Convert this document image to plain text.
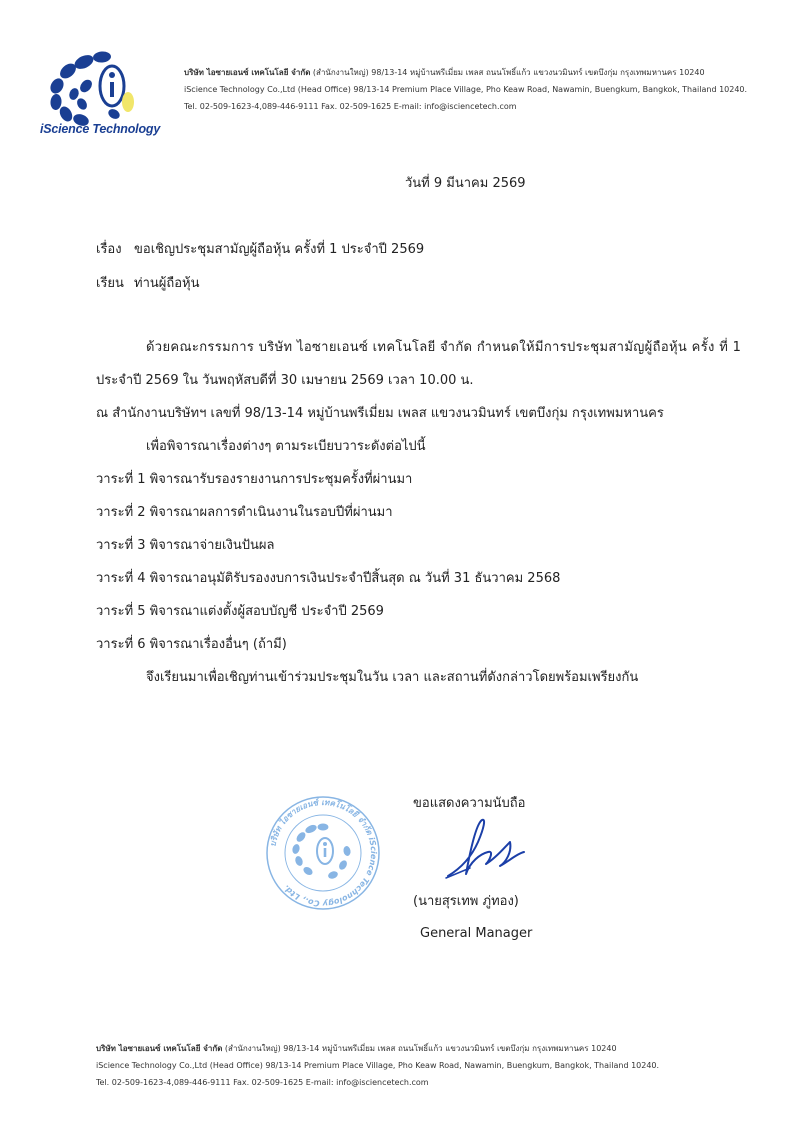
iScience Technology
บริษัท ไอซายเอนซ์ เทคโนโลยี จำกัด (สำนักงานใหญ่) 98/13-14 หมู่บ้านพรีเมี่ยม เพลส ถนนโพธิ์แก้ว แขวงนวมินทร์ เขตบึงกุ่ม กรุงเทพมหานคร 10240
iScience Technology Co.,Ltd (Head Office) 98/13-14 Premium Place Village, Pho Keaw Road, Nawamin, Buengkum, Bangkok, Thailand 10240.
Tel. 02-509-1623-4,089-446-9111 Fax. 02-509-1625 E-mail: info@isciencetech.com
วันที่ 9 มีนาคม 2569
เรื่อง ขอเชิญประชุมสามัญผู้ถือหุ้น ครั้งที่ 1 ประจำปี 2569
เรียน ท่านผู้ถือหุ้น
ด้วยคณะกรรมการ บริษัท ไอซายเอนซ์ เทคโนโลยี จำกัด กำหนดให้มีการประชุมสามัญผู้ถือหุ้น ครั้ง ที่ 1
ประจำปี 2569 ใน วันพฤหัสบดีที่ 30 เมษายน 2569 เวลา 10.00 น.
ณ สำนักงานบริษัทฯ เลขที่ 98/13-14 หมู่บ้านพรีเมี่ยม เพลส แขวงนวมินทร์ เขตบึงกุ่ม กรุงเทพมหานคร
เพื่อพิจารณาเรื่องต่างๆ ตามระเบียบวาระดังต่อไปนี้
วาระที่ 1 พิจารณารับรองรายงานการประชุมครั้งที่ผ่านมา
วาระที่ 2 พิจารณาผลการดำเนินงานในรอบปีที่ผ่านมา
วาระที่ 3 พิจารณาจ่ายเงินปันผล
วาระที่ 4 พิจารณาอนุมัติรับรองงบการเงินประจำปีสิ้นสุด ณ วันที่ 31 ธันวาคม 2568
วาระที่ 5 พิจารณาแต่งตั้งผู้สอบบัญชี ประจำปี 2569
วาระที่ 6 พิจารณาเรื่องอื่นๆ (ถ้ามี)
จึงเรียนมาเพื่อเชิญท่านเข้าร่วมประชุมในวัน เวลา และสถานที่ดังกล่าวโดยพร้อมเพรียงกัน
บริษัท ไอซายเอนซ์ เทคโนโลยี จำกัด iScience Technology Co., Ltd.
ขอแสดงความนับถือ
(นายสุรเทพ ภู่ทอง)
General Manager
บริษัท ไอซายเอนซ์ เทคโนโลยี จำกัด (สำนักงานใหญ่) 98/13-14 หมู่บ้านพรีเมี่ยม เพลส ถนนโพธิ์แก้ว แขวงนวมินทร์ เขตบึงกุ่ม กรุงเทพมหานคร 10240
iScience Technology Co.,Ltd (Head Office) 98/13-14 Premium Place Village, Pho Keaw Road, Nawamin, Buengkum, Bangkok, Thailand 10240.
Tel. 02-509-1623-4,089-446-9111 Fax. 02-509-1625 E-mail: info@isciencetech.com
